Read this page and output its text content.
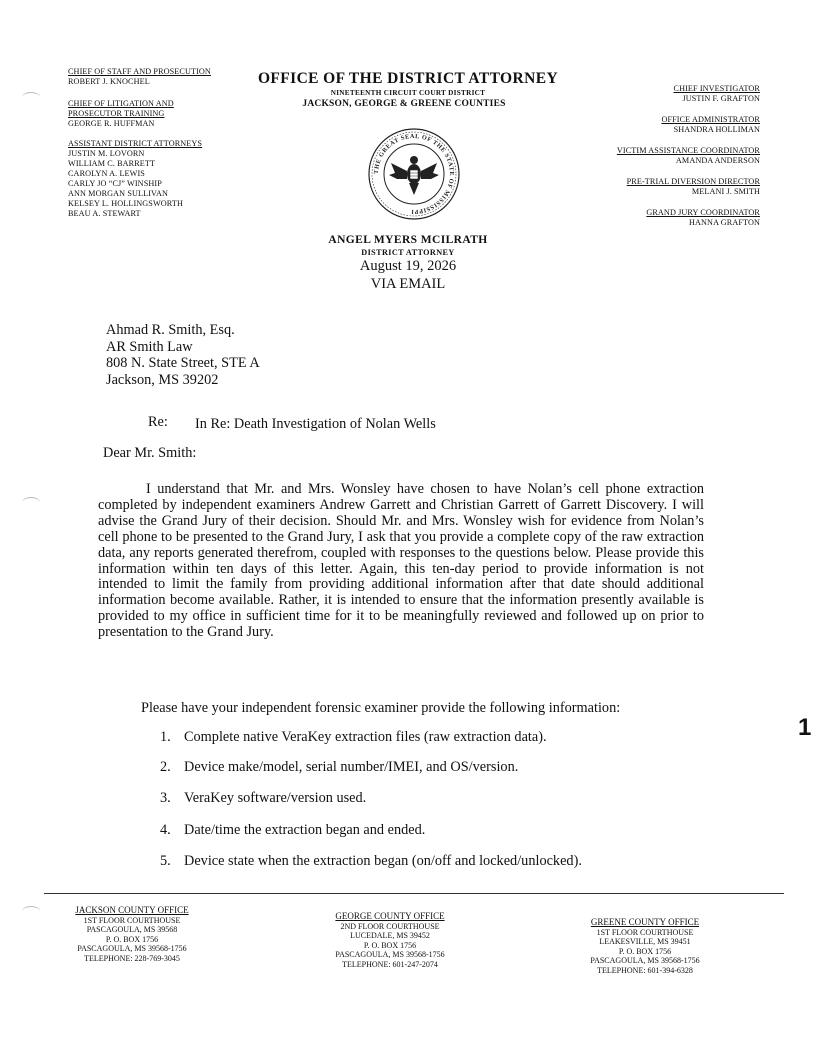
CHIEF OF STAFF AND PROSECUTION
ROBERT J. KNOCHEL
CHIEF OF LITIGATION AND
PROSECUTOR TRAINING
GEORGE R. HUFFMAN
ASSISTANT DISTRICT ATTORNEYS
JUSTIN M. LOVORN
WILLIAM C. BARRETT
CAROLYN A. LEWIS
CARLY JO “CJ” WINSHIP
ANN MORGAN SULLIVAN
KELSEY L. HOLLINGSWORTH
BEAU A. STEWART
OFFICE OF THE DISTRICT ATTORNEY
NINETEENTH CIRCUIT COURT DISTRICT
JACKSON, GEORGE & GREENE COUNTIES
THE GREAT SEAL OF THE STATE OF MISSISSIPPI
CHIEF INVESTIGATOR
JUSTIN F. GRAFTON
OFFICE ADMINISTRATOR
SHANDRA HOLLIMAN
VICTIM ASSISTANCE COORDINATOR
AMANDA ANDERSON
PRE-TRIAL DIVERSION DIRECTOR
MELANI J. SMITH
GRAND JURY COORDINATOR
HANNA GRAFTON
ANGEL MYERS MCILRATH
DISTRICT ATTORNEY
August 19, 2026
VIA EMAIL
Ahmad R. Smith, Esq.
AR Smith Law
808 N. State Street, STE A
Jackson, MS 39202
Re: In Re: Death Investigation of Nolan Wells
Dear Mr. Smith:
I understand that Mr. and Mrs. Wonsley have chosen to have Nolan’s cell phone extraction completed by independent examiners Andrew Garrett and Christian Garrett of Garrett Discovery. I will advise the Grand Jury of their decision. Should Mr. and Mrs. Wonsley wish for evidence from Nolan’s cell phone to be presented to the Grand Jury, I ask that you provide a complete copy of the raw extraction data, any reports generated therefrom, coupled with responses to the questions below. Please provide this information within ten days of this letter. Again, this ten-day period to provide information is not intended to limit the family from providing additional information after that date should additional information become available. Rather, it is intended to ensure that the information presently available is provided to my office in sufficient time for it to be meaningfully reviewed and followed up on prior to presentation to the Grand Jury.
Please have your independent forensic examiner provide the following information:
1
1. Complete native VeraKey extraction files (raw extraction data).
2. Device make/model, serial number/IMEI, and OS/version.
3. VeraKey software/version used.
4. Date/time the extraction began and ended.
5. Device state when the extraction began (on/off and locked/unlocked).
JACKSON COUNTY OFFICE
1ST FLOOR COURTHOUSE
PASCAGOULA, MS 39568
P. O. BOX 1756
PASCAGOULA, MS 39568-1756
TELEPHONE: 228-769-3045
GEORGE COUNTY OFFICE
2ND FLOOR COURTHOUSE
LUCEDALE, MS 39452
P. O. BOX 1756
PASCAGOULA, MS 39568-1756
TELEPHONE: 601-247-2074
GREENE COUNTY OFFICE
1ST FLOOR COURTHOUSE
LEAKESVILLE, MS 39451
P. O. BOX 1756
PASCAGOULA, MS 39568-1756
TELEPHONE: 601-394-6328
